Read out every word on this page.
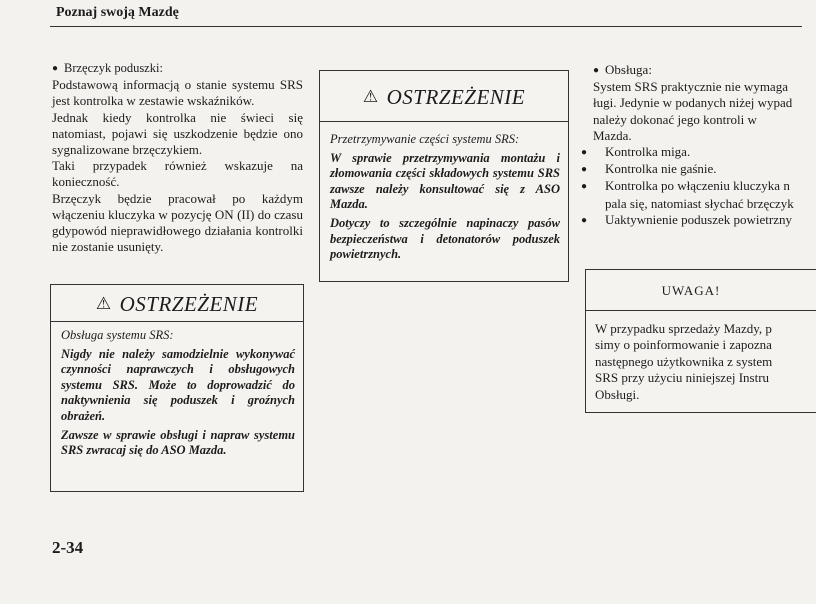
Poznaj swoją Mazdę

● Brzęczyk poduszki:

Podstawową informacją o stanie systemu SRS jest kontrolka w zestawie wskaźników.

Jednak kiedy kontrolka nie świeci się natomiast, pojawi się uszkodzenie będzie ono sygnalizowane brzęczykiem.

Taki przypadek również wskazuje na konieczność.

Brzęczyk będzie pracował po każdym włączeniu kluczyka w pozycję ON (II) do czasu gdypowód nieprawidłowego działania kontrolki nie zostanie usunięty.

⚠ OSTRZEŻENIE

Obsługa systemu SRS:

Nigdy nie należy samodzielnie wykonywać czynności naprawczych i obsługowych systemu SRS. Może to doprowadzić do naktywnienia się poduszek i groźnych obrażeń.

Zawsze w sprawie obsługi i napraw systemu SRS zwracaj się do ASO Mazda.

⚠ OSTRZEŻENIE

Przetrzymywanie części systemu SRS:

W sprawie przetrzymywania montażu i złomowania części składowych systemu SRS zawsze należy konsultować się z ASO Mazda.

Dotyczy to szczególnie napinaczy pasów bezpieczeństwa i detonatorów poduszek powietrznych.

● Obsługa:

System SRS praktycznie nie wymaga

ługi. Jedynie w podanych niżej wypad

należy dokonać jego kontroli w

Mazda.

● Kontrolka miga.

● Kontrolka nie gaśnie.

● Kontrolka po włączeniu kluczyka n

pala się, natomiast słychać brzęczyk

● Uaktywnienie poduszek powietrzny

UWAGA!

W przypadku sprzedaży Mazdy, p

simy o poinformowanie i zapozna

następnego użytkownika z system

SRS przy użyciu niniejszej Instru

Obsługi.

2-34
